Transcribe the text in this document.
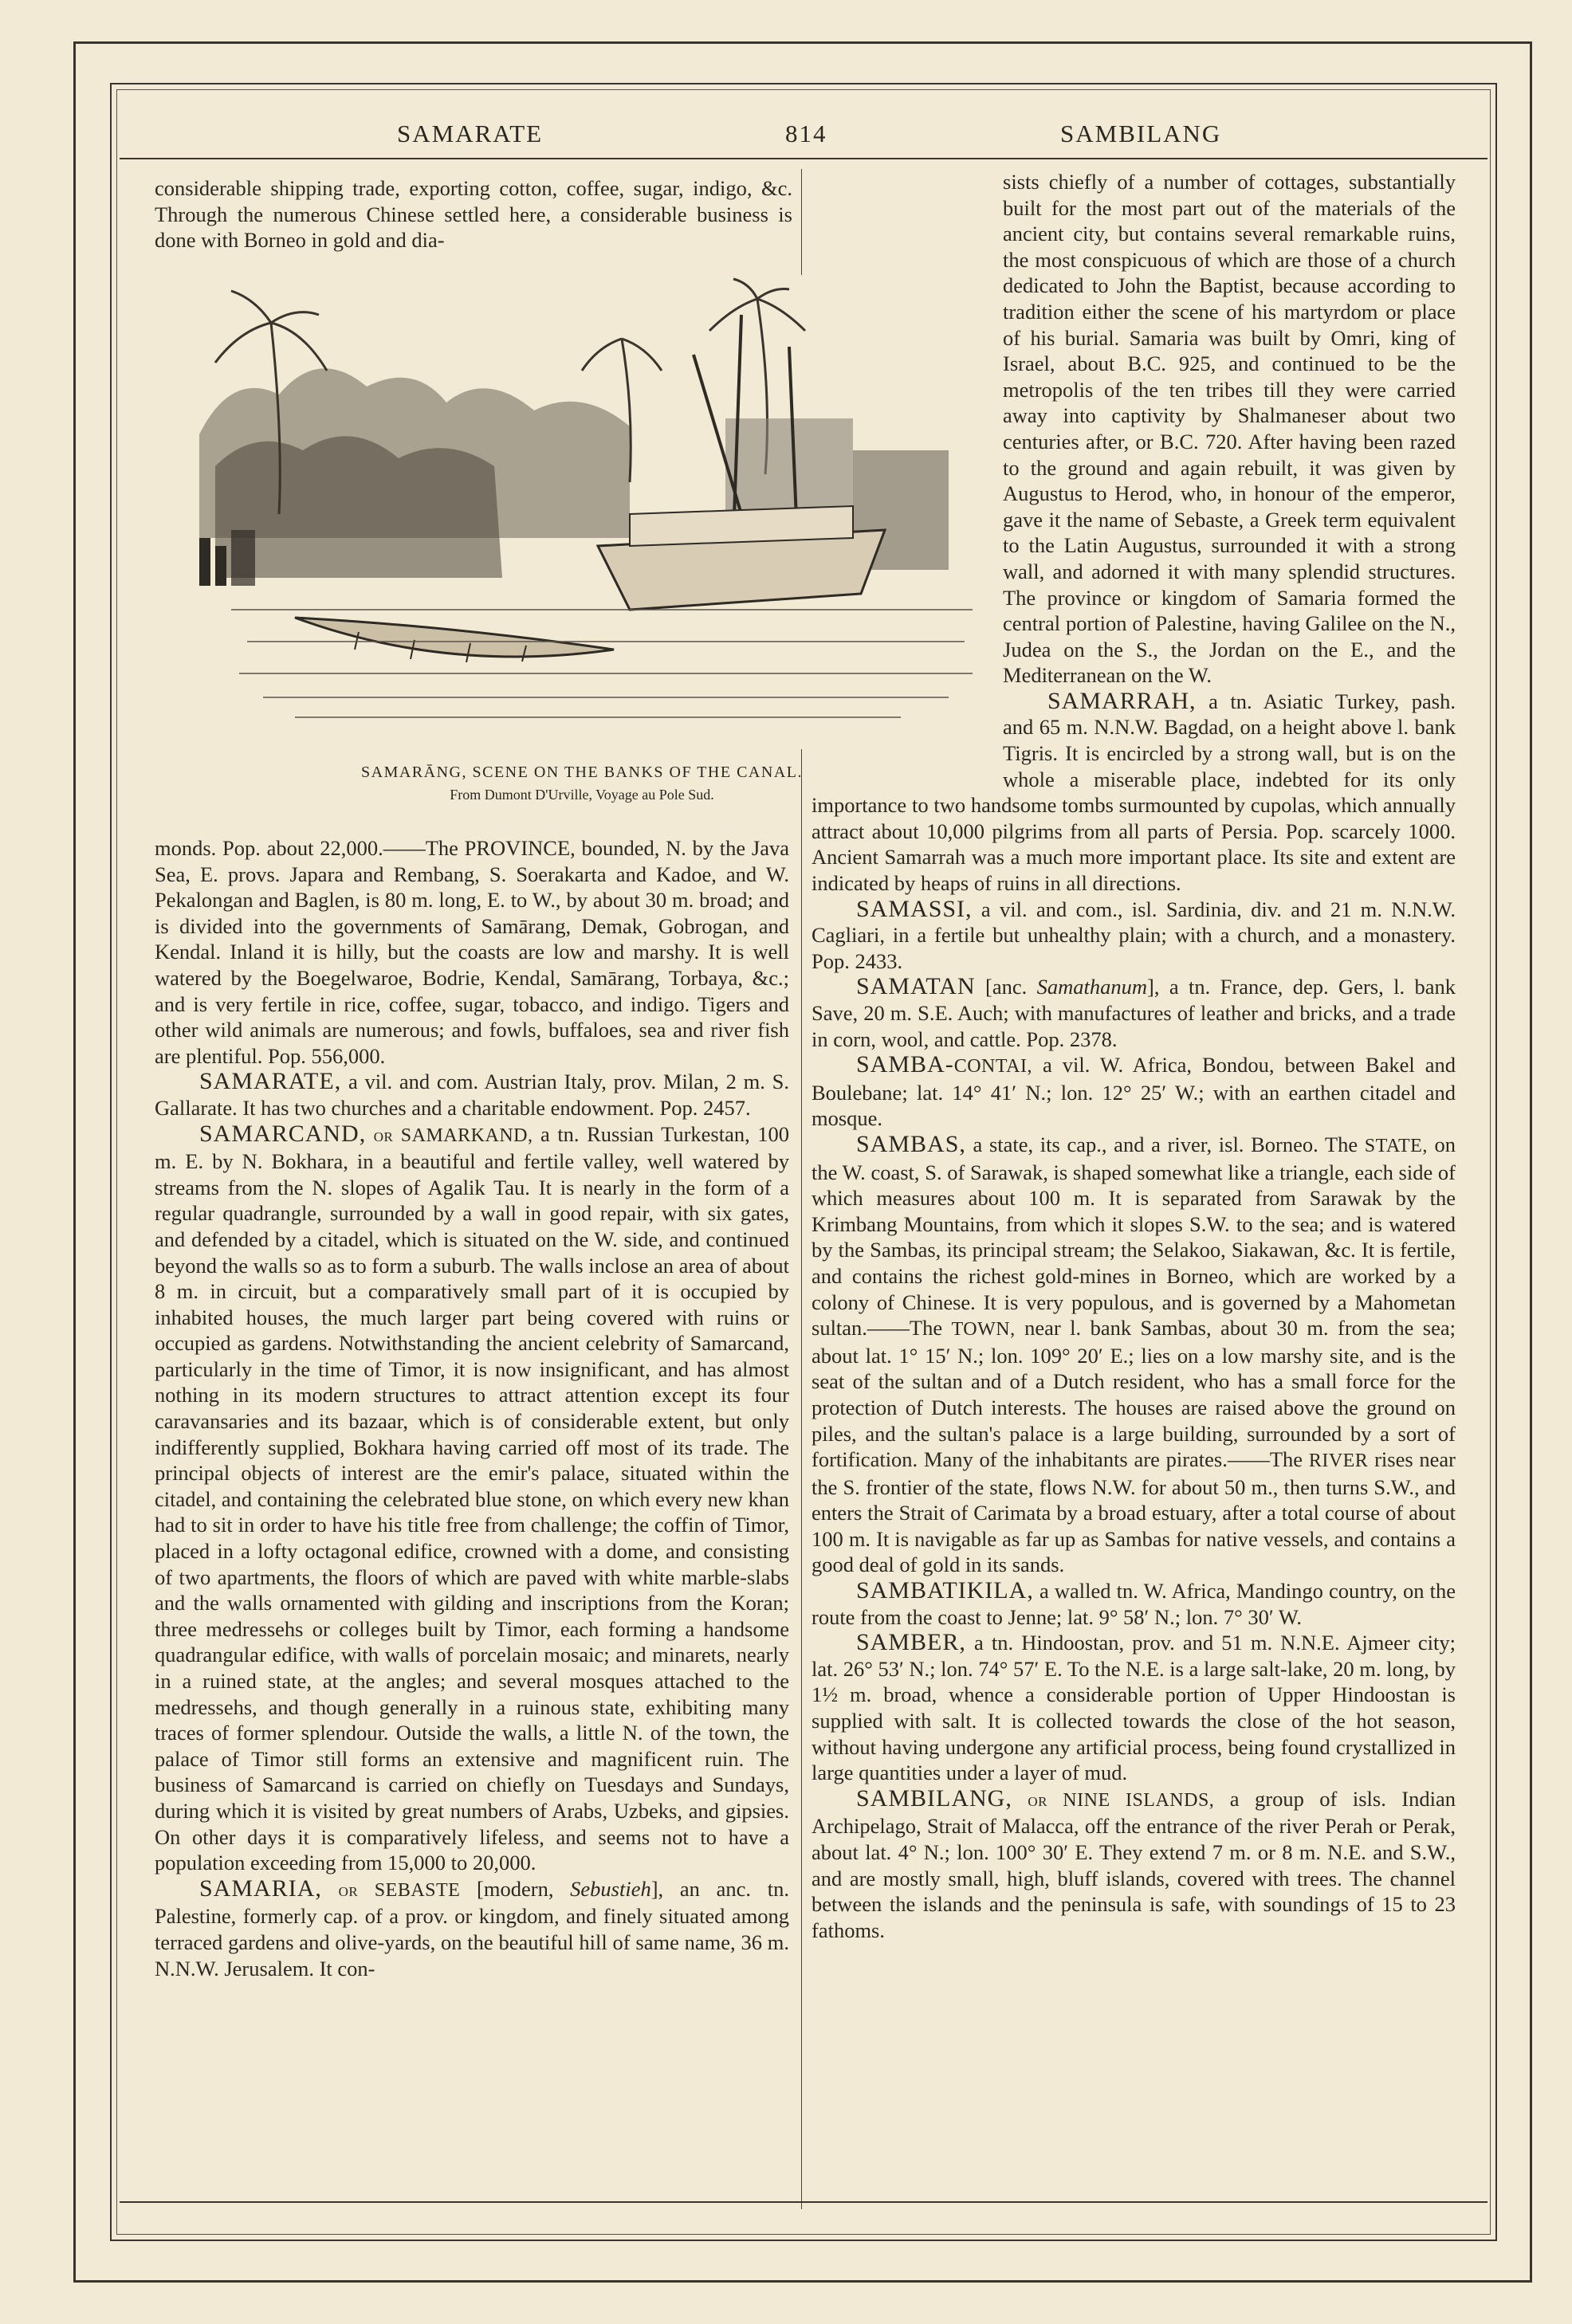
SAMARATE	814	SAMBILANG

considerable shipping trade, exporting cotton, coffee, sugar, indigo, &c. Through the numerous Chinese settled here, a considerable business is done with Borneo in gold and dia-

SAMARĀNG, SCENE ON THE BANKS OF THE CANAL.
From Dumont D'Urville, Voyage au Pole Sud.

monds. Pop. about 22,000.——The PROVINCE, bounded, N. by the Java Sea, E. provs. Japara and Rembang, S. Soerakarta and Kadoe, and W. Pekalongan and Baglen, is 80 m. long, E. to W., by about 30 m. broad; and is divided into the governments of Samārang, Demak, Gobrogan, and Kendal. Inland it is hilly, but the coasts are low and marshy. It is well watered by the Boegelwaroe, Bodrie, Kendal, Samārang, Torbaya, &c.; and is very fertile in rice, coffee, sugar, tobacco, and indigo. Tigers and other wild animals are numerous; and fowls, buffaloes, sea and river fish are plentiful. Pop. 556,000.

SAMARATE, a vil. and com. Austrian Italy, prov. Milan, 2 m. S. Gallarate. It has two churches and a charitable endowment. Pop. 2457.

SAMARCAND, or SAMARKAND, a tn. Russian Turkestan, 100 m. E. by N. Bokhara, in a beautiful and fertile valley, well watered by streams from the N. slopes of Agalik Tau. It is nearly in the form of a regular quadrangle, surrounded by a wall in good repair, with six gates, and defended by a citadel, which is situated on the W. side, and continued beyond the walls so as to form a suburb. The walls inclose an area of about 8 m. in circuit, but a comparatively small part of it is occupied by inhabited houses, the much larger part being covered with ruins or occupied as gardens. Notwithstanding the ancient celebrity of Samarcand, particularly in the time of Timor, it is now insignificant, and has almost nothing in its modern structures to attract attention except its four caravansaries and its bazaar, which is of considerable extent, but only indifferently supplied, Bokhara having carried off most of its trade. The principal objects of interest are the emir's palace, situated within the citadel, and containing the celebrated blue stone, on which every new khan had to sit in order to have his title free from challenge; the coffin of Timor, placed in a lofty octagonal edifice, crowned with a dome, and consisting of two apartments, the floors of which are paved with white marble-slabs and the walls ornamented with gilding and inscriptions from the Koran; three medressehs or colleges built by Timor, each forming a handsome quadrangular edifice, with walls of porcelain mosaic; and minarets, nearly in a ruined state, at the angles; and several mosques attached to the medressehs, and though generally in a ruinous state, exhibiting many traces of former splendour. Outside the walls, a little N. of the town, the palace of Timor still forms an extensive and magnificent ruin. The business of Samarcand is carried on chiefly on Tuesdays and Sundays, during which it is visited by great numbers of Arabs, Uzbeks, and gipsies. On other days it is comparatively lifeless, and seems not to have a population exceeding from 15,000 to 20,000.

SAMARIA, or SEBASTE [modern, Sebustieh], an anc. tn. Palestine, formerly cap. of a prov. or kingdom, and finely situated among terraced gardens and olive-yards, on the beautiful hill of same name, 36 m. N.N.W. Jerusalem. It con-

sists chiefly of a number of cottages, substantially built for the most part out of the materials of the ancient city, but contains several remarkable ruins, the most conspicuous of which are those of a church dedicated to John the Baptist, because according to tradition either the scene of his martyrdom or place of his burial. Samaria was built by Omri, king of Israel, about B.C. 925, and continued to be the metropolis of the ten tribes till they were carried away into captivity by Shalmaneser about two centuries after, or B.C. 720. After having been razed to the ground and again rebuilt, it was given by Augustus to Herod, who, in honour of the emperor, gave it the name of Sebaste, a Greek term equivalent to the Latin Augustus, surrounded it with a strong wall, and adorned it with many splendid structures. The province or kingdom of Samaria formed the central portion of Palestine, having Galilee on the N., Judea on the S., the Jordan on the E., and the Mediterranean on the W.

SAMARRAH, a tn. Asiatic Turkey, pash. and 65 m. N.N.W. Bagdad, on a height above l. bank Tigris. It is encircled by a strong wall, but is on the whole a miserable place, indebted for its only importance to two handsome tombs surmounted by cupolas, which annually attract about 10,000 pilgrims from all parts of Persia. Pop. scarcely 1000. Ancient Samarrah was a much more important place. Its site and extent are indicated by heaps of ruins in all directions.

SAMASSI, a vil. and com., isl. Sardinia, div. and 21 m. N.N.W. Cagliari, in a fertile but unhealthy plain; with a church, and a monastery. Pop. 2433.

SAMATAN [anc. Samathanum], a tn. France, dep. Gers, l. bank Save, 20 m. S.E. Auch; with manufactures of leather and bricks, and a trade in corn, wool, and cattle. Pop. 2378.

SAMBA-CONTAI, a vil. W. Africa, Bondou, between Bakel and Boulebane; lat. 14° 41′ N.; lon. 12° 25′ W.; with an earthen citadel and mosque.

SAMBAS, a state, its cap., and a river, isl. Borneo. The STATE, on the W. coast, S. of Sarawak, is shaped somewhat like a triangle, each side of which measures about 100 m. It is separated from Sarawak by the Krimbang Mountains, from which it slopes S.W. to the sea; and is watered by the Sambas, its principal stream; the Selakoo, Siakawan, &c. It is fertile, and contains the richest gold-mines in Borneo, which are worked by a colony of Chinese. It is very populous, and is governed by a Mahometan sultan.——The TOWN, near l. bank Sambas, about 30 m. from the sea; about lat. 1° 15′ N.; lon. 109° 20′ E.; lies on a low marshy site, and is the seat of the sultan and of a Dutch resident, who has a small force for the protection of Dutch interests. The houses are raised above the ground on piles, and the sultan's palace is a large building, surrounded by a sort of fortification. Many of the inhabitants are pirates.——The RIVER rises near the S. frontier of the state, flows N.W. for about 50 m., then turns S.W., and enters the Strait of Carimata by a broad estuary, after a total course of about 100 m. It is navigable as far up as Sambas for native vessels, and contains a good deal of gold in its sands.

SAMBATIKILA, a walled tn. W. Africa, Mandingo country, on the route from the coast to Jenne; lat. 9° 58′ N.; lon. 7° 30′ W.

SAMBER, a tn. Hindoostan, prov. and 51 m. N.N.E. Ajmeer city; lat. 26° 53′ N.; lon. 74° 57′ E. To the N.E. is a large salt-lake, 20 m. long, by 1½ m. broad, whence a considerable portion of Upper Hindoostan is supplied with salt. It is collected towards the close of the hot season, without having undergone any artificial process, being found crystallized in large quantities under a layer of mud.

SAMBILANG, or NINE ISLANDS, a group of isls. Indian Archipelago, Strait of Malacca, off the entrance of the river Perah or Perak, about lat. 4° N.; lon. 100° 30′ E. They extend 7 m. or 8 m. N.E. and S.W., and are mostly small, high, bluff islands, covered with trees. The channel between the islands and the peninsula is safe, with soundings of 15 to 23 fathoms.
